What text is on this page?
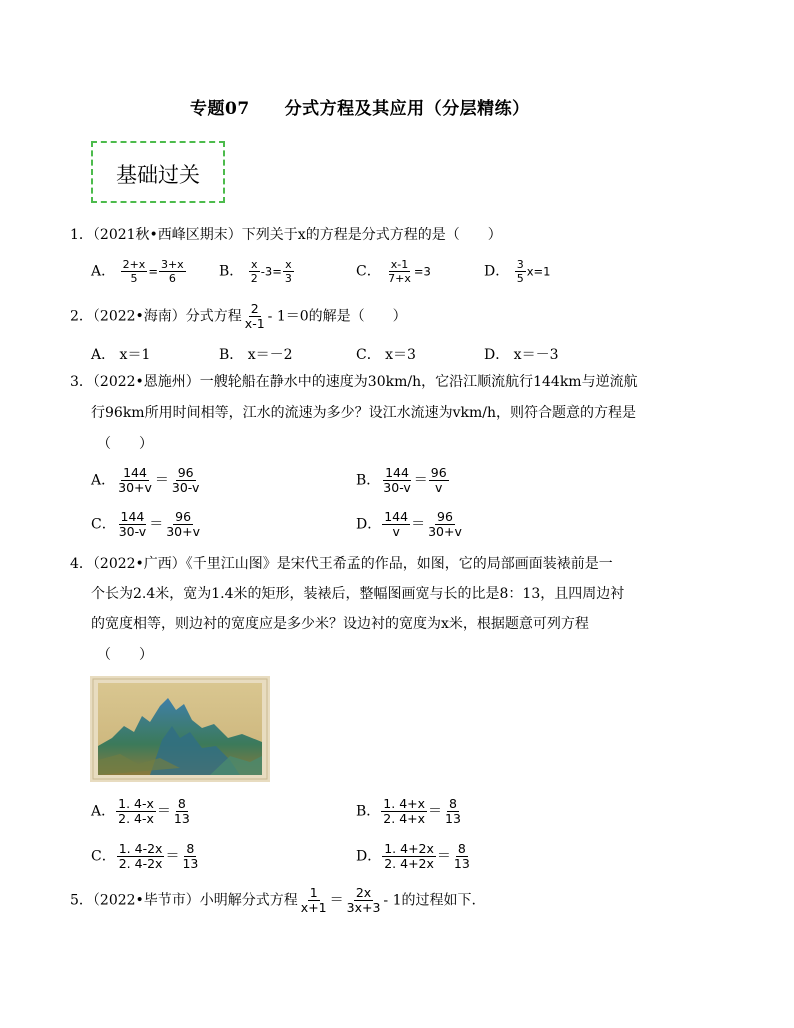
专题07　　分式方程及其应用（分层精练）
基础过关
1．（2021秋•西峰区期末）下列关于x的方程是分式方程的是（　　）
A． $\frac{2+x}{5} = \frac{3+x}{6}$ B． $\frac{x}{2} -3= \frac{x}{3}$	C． $\frac{x-1}{7+x} =3$	D． $\frac{3}{5} x=1$
2．（2022•海南）分式方程 $\frac{2}{x-1} - 1=0$的解是（　　）
A． x＝1	B． x＝－2	C． x＝3	D． x＝－3
3．（2022•恩施州）一艘轮船在静水中的速度为30km/h，它沿江顺流航行144km与逆流航
行96km所用时间相等，江水的流速为多少？设江水流速为vkm/h，则符合题意的方程是
（　　）
A． $\frac{144}{30+v} = \frac{96}{30-v}$	B． $\frac{144}{30-v} = \frac{96}{v}$
C． $\frac{144}{30-v} = \frac{96}{30+v}$	D． $\frac{144}{v} = \frac{96}{30+v}$
4．（2022•广西）《千里江山图》是宋代王希孟的作品，如图，它的局部画面装裱前是一
个长为2.4米，宽为1.4米的矩形，装裱后，整幅图画宽与长的比是8：13，且四周边衬
的宽度相等，则边衬的宽度应是多少米？设边衬的宽度为x米，根据题意可列方程
（　　）
A． $\frac{1. 4-x}{2. 4-x} = \frac{8}{13}$	B． $\frac{1. 4+x}{2. 4+x} = \frac{8}{13}$
C． $\frac{1. 4-2x}{2. 4-2x} = \frac{8}{13}$	D． $\frac{1. 4+2x}{2. 4+2x} = \frac{8}{13}$
5．（2022•毕节市）小明解分式方程 $\frac{1}{x+1} = \frac{2x}{3x+3} - 1$的过程如下.
